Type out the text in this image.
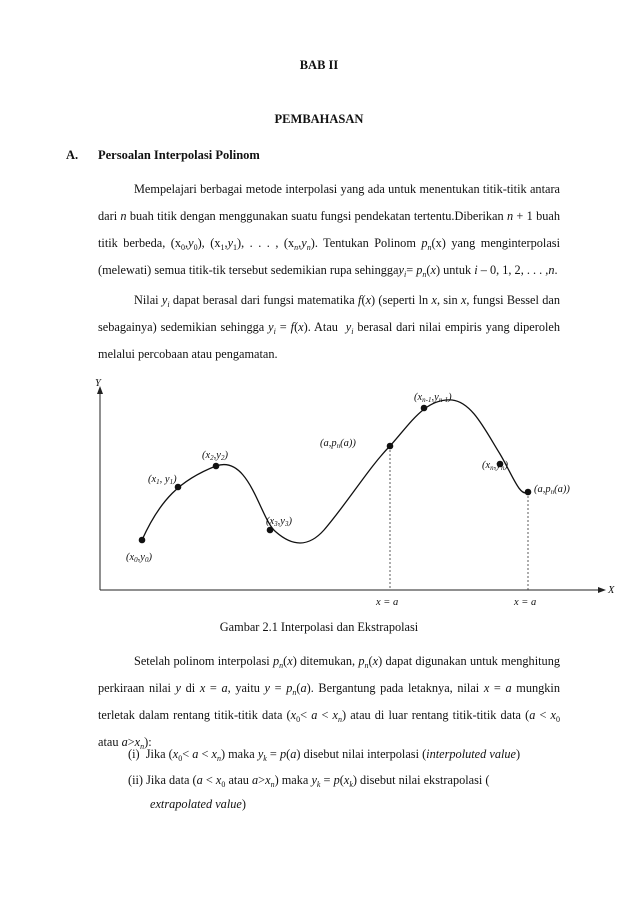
BAB II
PEMBAHASAN
A. Persoalan Interpolasi Polinom

Mempelajari berbagai metode interpolasi yang ada untuk menentukan titik-titik antara dari n buah titik dengan menggunakan suatu fungsi pendekatan tertentu.Diberikan n + 1 buah titik berbeda, $(x_0,y_0)$, $(x_1,y_1)$, . . . , $(x_n,y_n)$. Tentukan Polinom $p_n(x)$ yang menginterpolasi (melewati) semua titik-tik tersebut sedemikian rupa sehinggay$_i$= $p_n(x)$ untuk i – 0, 1, 2, . . . ,n.

Nilai $y_i$ dapat berasal dari fungsi matematika f(x) (seperti ln x, sin x, fungsi Bessel dan sebagainya) sedemikian sehingga $y_i = f(x)$. Atau  $y_i$ berasal dari nilai empiris yang diperoleh melalui percobaan atau pengamatan.

Y
X
(x0,y0)
(x1, y1)
(x2,y2)
(x3,y3)
(a,pn(a))
(xn-1,yn-1)
(xn,yn)
(a,pn(a))
x = a	x = a
Gambar 2.1 Interpolasi dan Ekstrapolasi

Setelah polinom interpolasi $p_n(x)$ ditemukan, $p_n(x)$ dapat digunakan untuk menghitung perkiraan nilai y di x = a, yaitu $y = p_n(a)$. Bergantung pada letaknya, nilai x = a mungkin terletak dalam rentang titik-titik data $(x_0< a < x_n)$ atau di luar rentang titik-titik data ($a < x_0$ atau $a>x_n$):

(i) Jika $(x_0< a < x_n)$ maka $y_k = p(a)$ disebut nilai interpolasi (interpoluted value)
(ii) Jika data ($a < x_0$ atau $a>x_n$) maka $y_k = p(x_k)$ disebut nilai ekstrapolasi (
extrapolated value)
